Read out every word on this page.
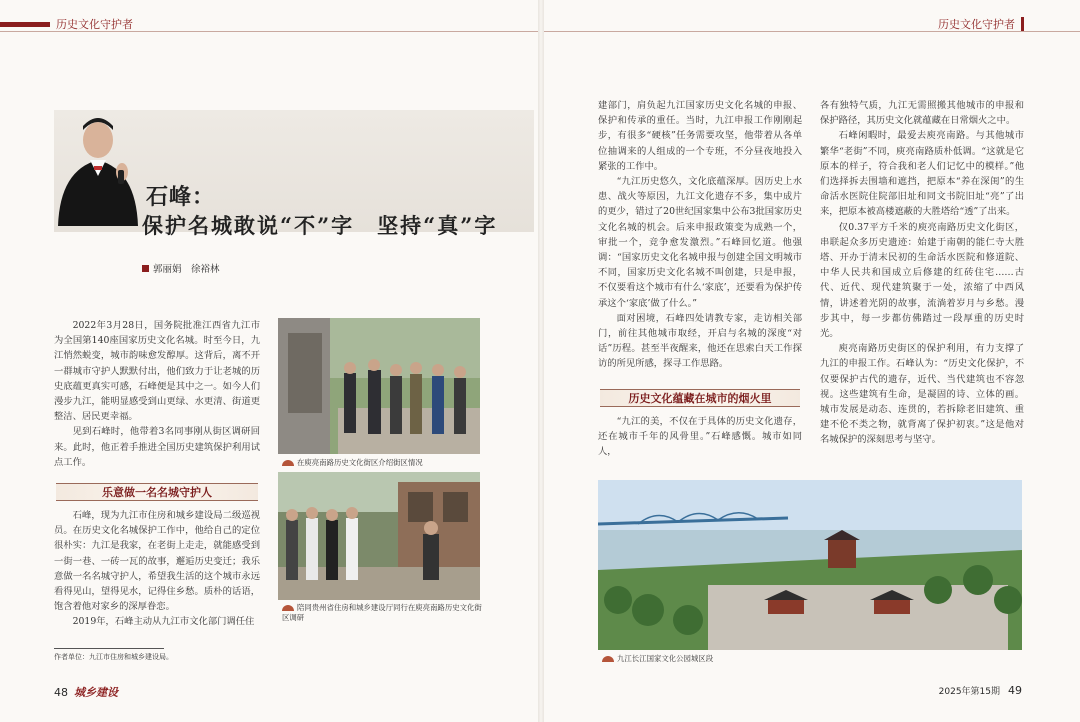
历史文化守护者	历史文化守护者
石峰：
保护名城敢说“不”字　坚持“真”字
郭丽娟　徐裕林

2022年3月28日，国务院批准江西省九江市为全国第140座国家历史文化名城。时至今日，九江悄然蜕变，城市韵味愈发醇厚。这背后，离不开一群城市守护人默默付出，他们致力于让老城的历史底蕴更真实可感，石峰便是其中之一。如今人们漫步九江，能明显感受到山更绿、水更清、街道更整洁、居民更幸福。

见到石峰时，他带着3名同事刚从街区调研回来。此时，他正着手推进全国历史建筑保护利用试点工作。

乐意做一名名城守护人

石峰，现为九江市住房和城乡建设局二级巡视员。在历史文化名城保护工作中，他给自己的定位很朴实：九江是我家，在老街上走走，就能感受到一街一巷、一砖一瓦的故事，邂逅历史变迁；我乐意做一名名城守护人，希望我生活的这个城市永远看得见山，望得见水，记得住乡愁。质朴的话语，饱含着他对家乡的深厚眷恋。

2019年，石峰主动从九江市文化部门调任住

在庾亮南路历史文化街区介绍街区情况
陪同贵州省住房和城乡建设厅同行在庾亮南路历史文化街区调研
作者单位：九江市住房和城乡建设局。
48 城乡建设

建部门，肩负起九江国家历史文化名城的申报、保护和传承的重任。当时，九江申报工作刚刚起步，有很多“硬核”任务需要攻坚，他带着从各单位抽调来的人组成的一个专班，不分昼夜地投入紧张的工作中。

“九江历史悠久，文化底蕴深厚。因历史上水患、战火等原因，九江文化遗存不多，集中成片的更少，错过了20世纪国家集中公布3批国家历史文化名城的机会。后来申报政策变为成熟一个，审批一个，竞争愈发激烈。”石峰回忆道。他强调：“国家历史文化名城申报与创建全国文明城市不同，国家历史文化名城不叫创建，只是申报，不仅要看这个城市有什么‘家底’，还要看为保护传承这个‘家底’做了什么。”

面对困境，石峰四处请教专家，走访相关部门，前往其他城市取经，开启与名城的深度“对话”历程。甚至半夜醒来，他还在思索白天工作探访的所见所感，探寻工作思路。

历史文化蕴藏在城市的烟火里

“九江的美，不仅在于具体的历史文化遗存，还在城市千年的风骨里。”石峰感慨。城市如同人，

各有独特气质，九江无需照搬其他城市的申报和保护路径，其历史文化就蕴藏在日常烟火之中。

石峰闲暇时，最爱去庾亮南路。与其他城市繁华“老街”不同，庾亮南路质朴低调。“这就是它原本的样子，符合我和老人们记忆中的模样。”他们选择拆去围墙和遮挡，把原本“养在深闺”的生命活水医院住院部旧址和同文书院旧址“亮”了出来，把原本被高楼遮蔽的大胜塔给“透”了出来。

仅0.37平方千米的庾亮南路历史文化街区，串联起众多历史遗迹：始建于南朝的能仁寺大胜塔、开办于清末民初的生命活水医院和修道院、中华人民共和国成立后修建的红砖住宅……古代、近代、现代建筑聚于一处，浓缩了中西风情，讲述着光阴的故事，流淌着岁月与乡愁。漫步其中，每一步都仿佛踏过一段厚重的历史时光。

庾亮南路历史街区的保护利用，有力支撑了九江的申报工作。石峰认为：“历史文化保护，不仅要保护古代的遗存，近代、当代建筑也不容忽视。这些建筑有生命，是凝固的诗、立体的画。城市发展是动态、连贯的，若拆除老旧建筑、重建不伦不类之物，就背离了保护初衷。”这是他对名城保护的深刻思考与坚守。

九江长江国家文化公园城区段
2025年第15期 49
